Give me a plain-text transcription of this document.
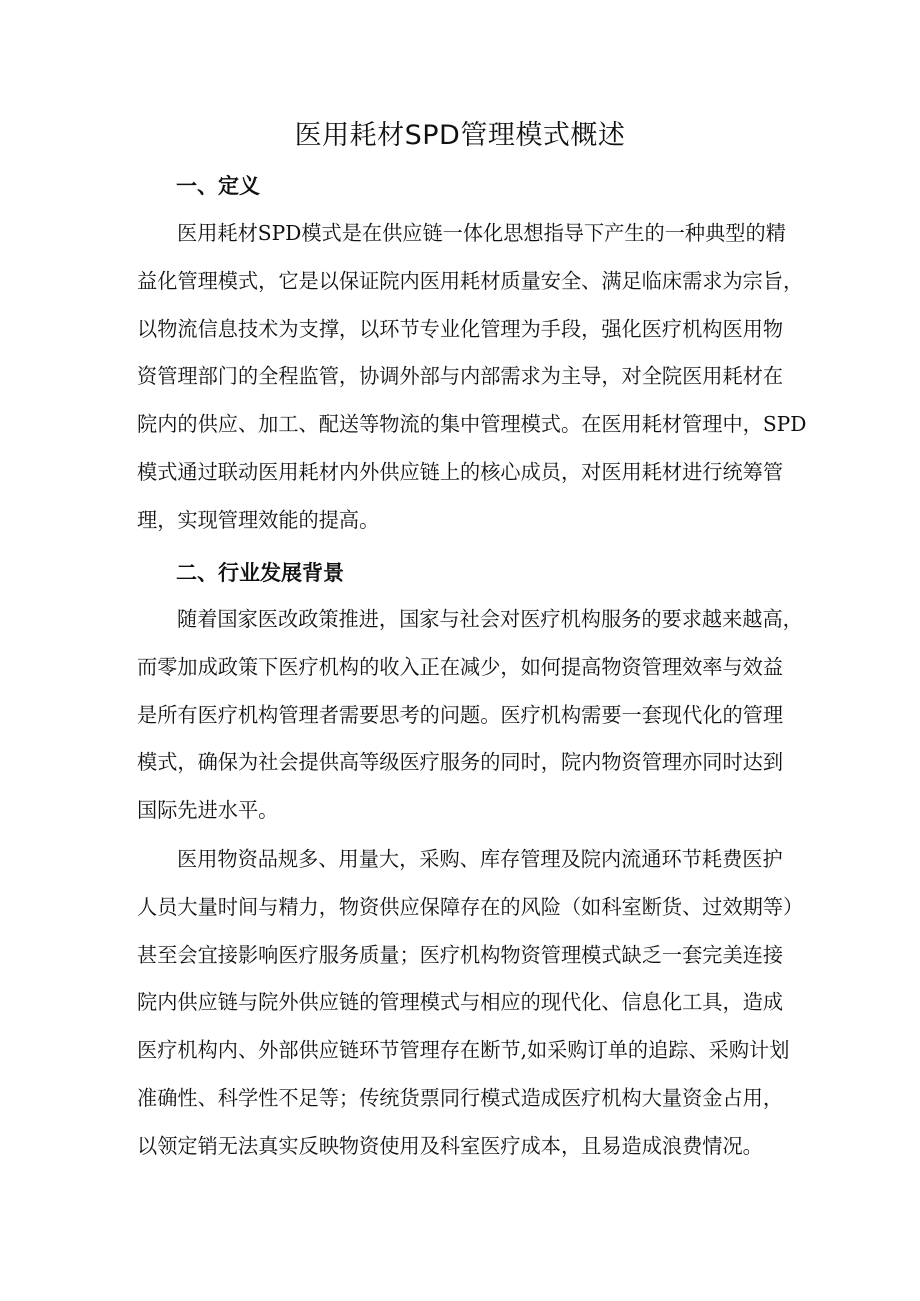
医用耗材SPD管理模式概述
一、定义
医用耗材SPD模式是在供应链一体化思想指导下产生的一种典型的精
益化管理模式，它是以保证院内医用耗材质量安全、满足临床需求为宗旨，
以物流信息技术为支撑，以环节专业化管理为手段，强化医疗机构医用物
资管理部门的全程监管，协调外部与内部需求为主导，对全院医用耗材在
院内的供应、加工、配送等物流的集中管理模式。在医用耗材管理中，SPD
模式通过联动医用耗材内外供应链上的核心成员，对医用耗材进行统筹管
理，实现管理效能的提高。
二、行业发展背景
随着国家医改政策推进，国家与社会对医疗机构服务的要求越来越高，
而零加成政策下医疗机构的收入正在减少，如何提高物资管理效率与效益
是所有医疗机构管理者需要思考的问题。医疗机构需要一套现代化的管理
模式，确保为社会提供高等级医疗服务的同时，院内物资管理亦同时达到
国际先进水平。
医用物资品规多、用量大，采购、库存管理及院内流通环节耗费医护
人员大量时间与精力，物资供应保障存在的风险（如科室断货、过效期等）
甚至会宜接影响医疗服务质量；医疗机构物资管理模式缺乏一套完美连接
院内供应链与院外供应链的管理模式与相应的现代化、信息化工具，造成
医疗机构内、外部供应链环节管理存在断节,如采购订单的追踪、采购计划
准确性、科学性不足等；传统货票同行模式造成医疗机构大量资金占用，
以领定销无法真实反映物资使用及科室医疗成本，且易造成浪费情况。
